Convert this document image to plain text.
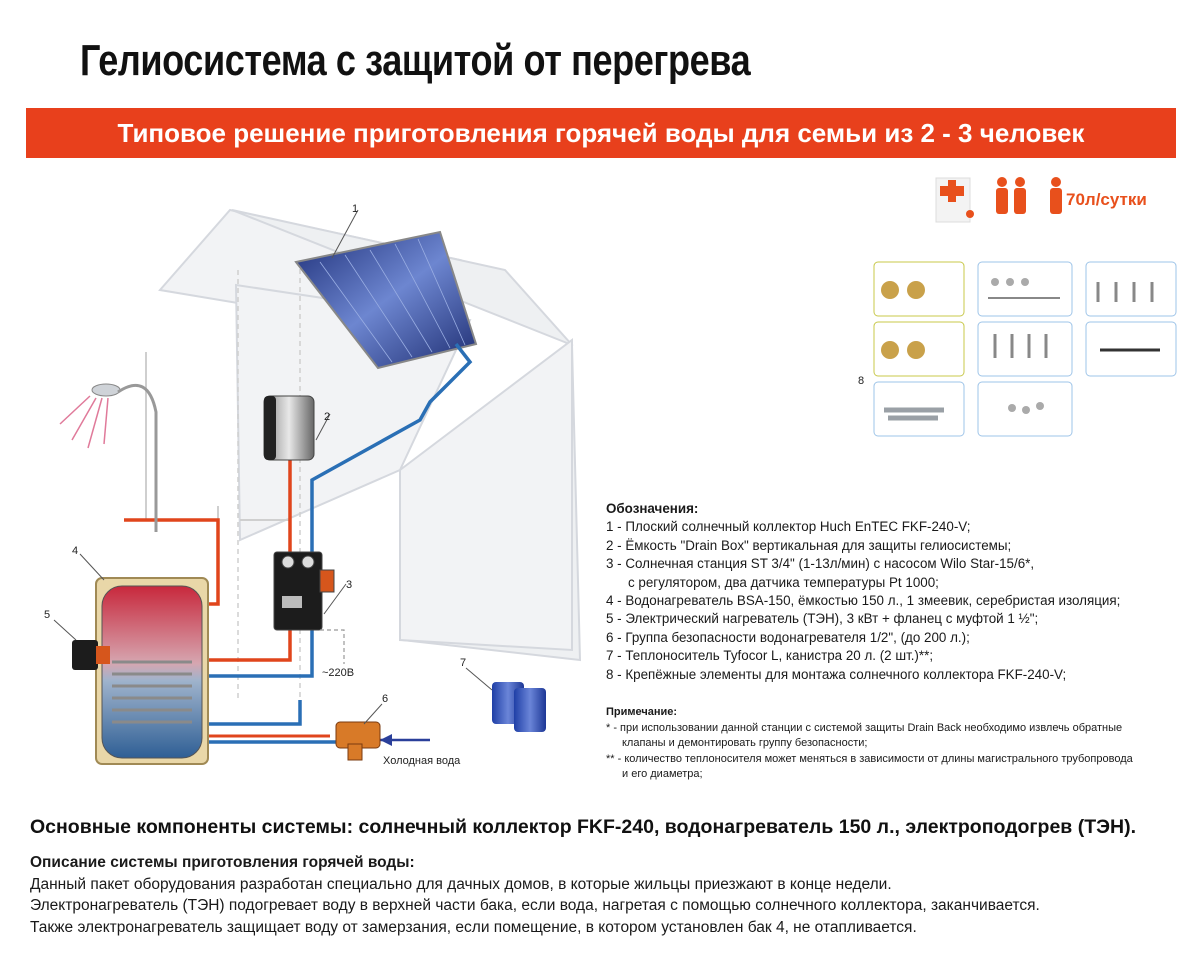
Гелиосистема с защитой от перегрева
Типовое решение приготовления горячей воды для семьи из 2 - 3 человек
70л/сутки
1
2
3
~220В
4
5
6
Холодная вода
7
8
Обозначения:
1 - Плоский солнечный коллектор Huch EnTEC FKF-240-V;
2 - Ёмкость "Drain Box" вертикальная для защиты гелиосистемы;
3 - Солнечная станция ST 3/4" (1-13л/мин) с насосом Wilo Star-15/6*,
с регулятором, два датчика температуры Pt 1000;
4 - Водонагреватель BSA-150, ёмкостью 150 л., 1 змеевик, серебристая изоляция;
5 - Электрический нагреватель (ТЭН), 3 кВт + фланец с муфтой 1 ½";
6 - Группа безопасности водонагревателя 1/2", (до 200 л.);
7 - Теплоноситель Tyfocor L, канистра 20 л. (2 шт.)**;
8 - Крепёжные элементы для монтажа солнечного коллектора FKF-240-V;
Примечание:
* - при использовании данной станции с системой защиты Drain Back необходимо извлечь обратные
клапаны и демонтировать группу безопасности;
** - количество теплоносителя может меняться в зависимости от длины магистрального трубопровода
и его диаметра;
Основные компоненты системы: солнечный коллектор FKF-240, водонагреватель 150 л., электроподогрев (ТЭН).
Описание системы приготовления горячей воды:
Данный пакет оборудования разработан специально для дачных домов, в которые жильцы приезжают в конце недели.
Электронагреватель (ТЭН) подогревает воду в верхней части бака, если вода, нагретая с помощью солнечного коллектора, заканчивается.
Также электронагреватель защищает воду от замерзания, если помещение, в котором установлен бак 4, не отапливается.
